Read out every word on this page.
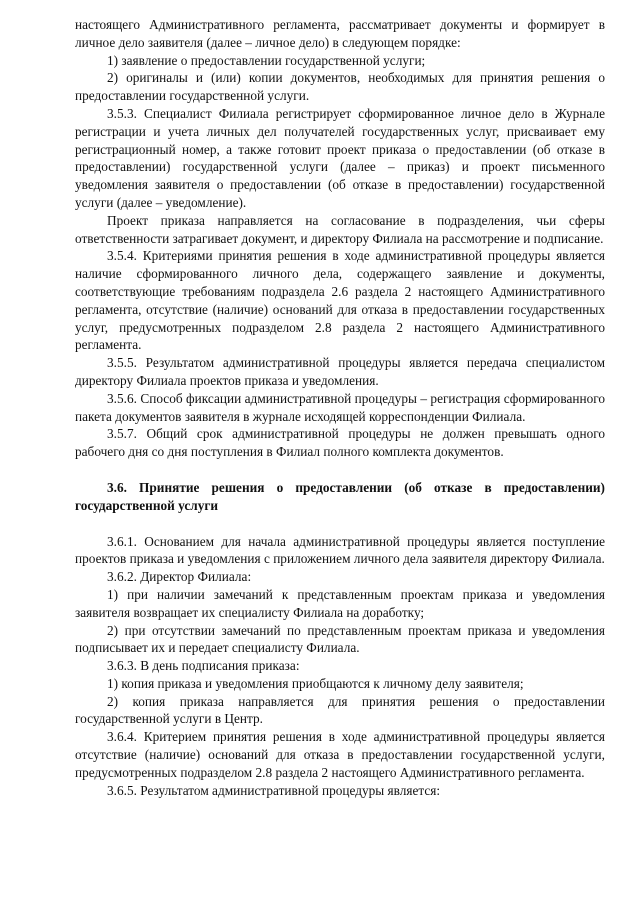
настоящего Административного регламента, рассматривает документы и формирует в личное дело заявителя (далее – личное дело) в следующем порядке:

1) заявление о предоставлении государственной услуги;

2) оригиналы и (или) копии документов, необходимых для принятия решения о предоставлении государственной услуги.

3.5.3. Специалист Филиала регистрирует сформированное личное дело в Журнале регистрации и учета личных дел получателей государственных услуг, присваивает ему регистрационный номер, а также готовит проект приказа о предоставлении (об отказе в предоставлении) государственной услуги (далее – приказ) и проект письменного уведомления заявителя о предоставлении (об отказе в предоставлении) государственной услуги (далее – уведомление).

Проект приказа направляется на согласование в подразделения, чьи сферы ответственности затрагивает документ, и директору Филиала на рассмотрение и подписание.

3.5.4. Критериями принятия решения в ходе административной процедуры является наличие сформированного личного дела, содержащего заявление и документы, соответствующие требованиям подраздела 2.6 раздела 2 настоящего Административного регламента, отсутствие (наличие) оснований для отказа в предоставлении государственных услуг, предусмотренных подразделом 2.8 раздела 2 настоящего Административного регламента.

3.5.5. Результатом административной процедуры является передача специалистом директору Филиала проектов приказа и уведомления.

3.5.6. Способ фиксации административной процедуры – регистрация сформированного пакета документов заявителя в журнале исходящей корреспонденции Филиала.

3.5.7. Общий срок административной процедуры не должен превышать одного рабочего дня со дня поступления в Филиал полного комплекта документов.

3.6. Принятие решения о предоставлении (об отказе в предоставлении) государственной услуги

3.6.1. Основанием для начала административной процедуры является поступление проектов приказа и уведомления с приложением личного дела заявителя директору Филиала.

3.6.2. Директор Филиала:

1) при наличии замечаний к представленным проектам приказа и уведомления заявителя возвращает их специалисту Филиала на доработку;

2) при отсутствии замечаний по представленным проектам приказа и уведомления подписывает их и передает специалисту Филиала.

3.6.3. В день подписания приказа:

1) копия приказа и уведомления приобщаются к личному делу заявителя;

2) копия приказа направляется для принятия решения о предоставлении государственной услуги в Центр.

3.6.4. Критерием принятия решения в ходе административной процедуры является отсутствие (наличие) оснований для отказа в предоставлении государственной услуги, предусмотренных подразделом 2.8 раздела 2 настоящего Административного регламента.

3.6.5. Результатом административной процедуры является:
